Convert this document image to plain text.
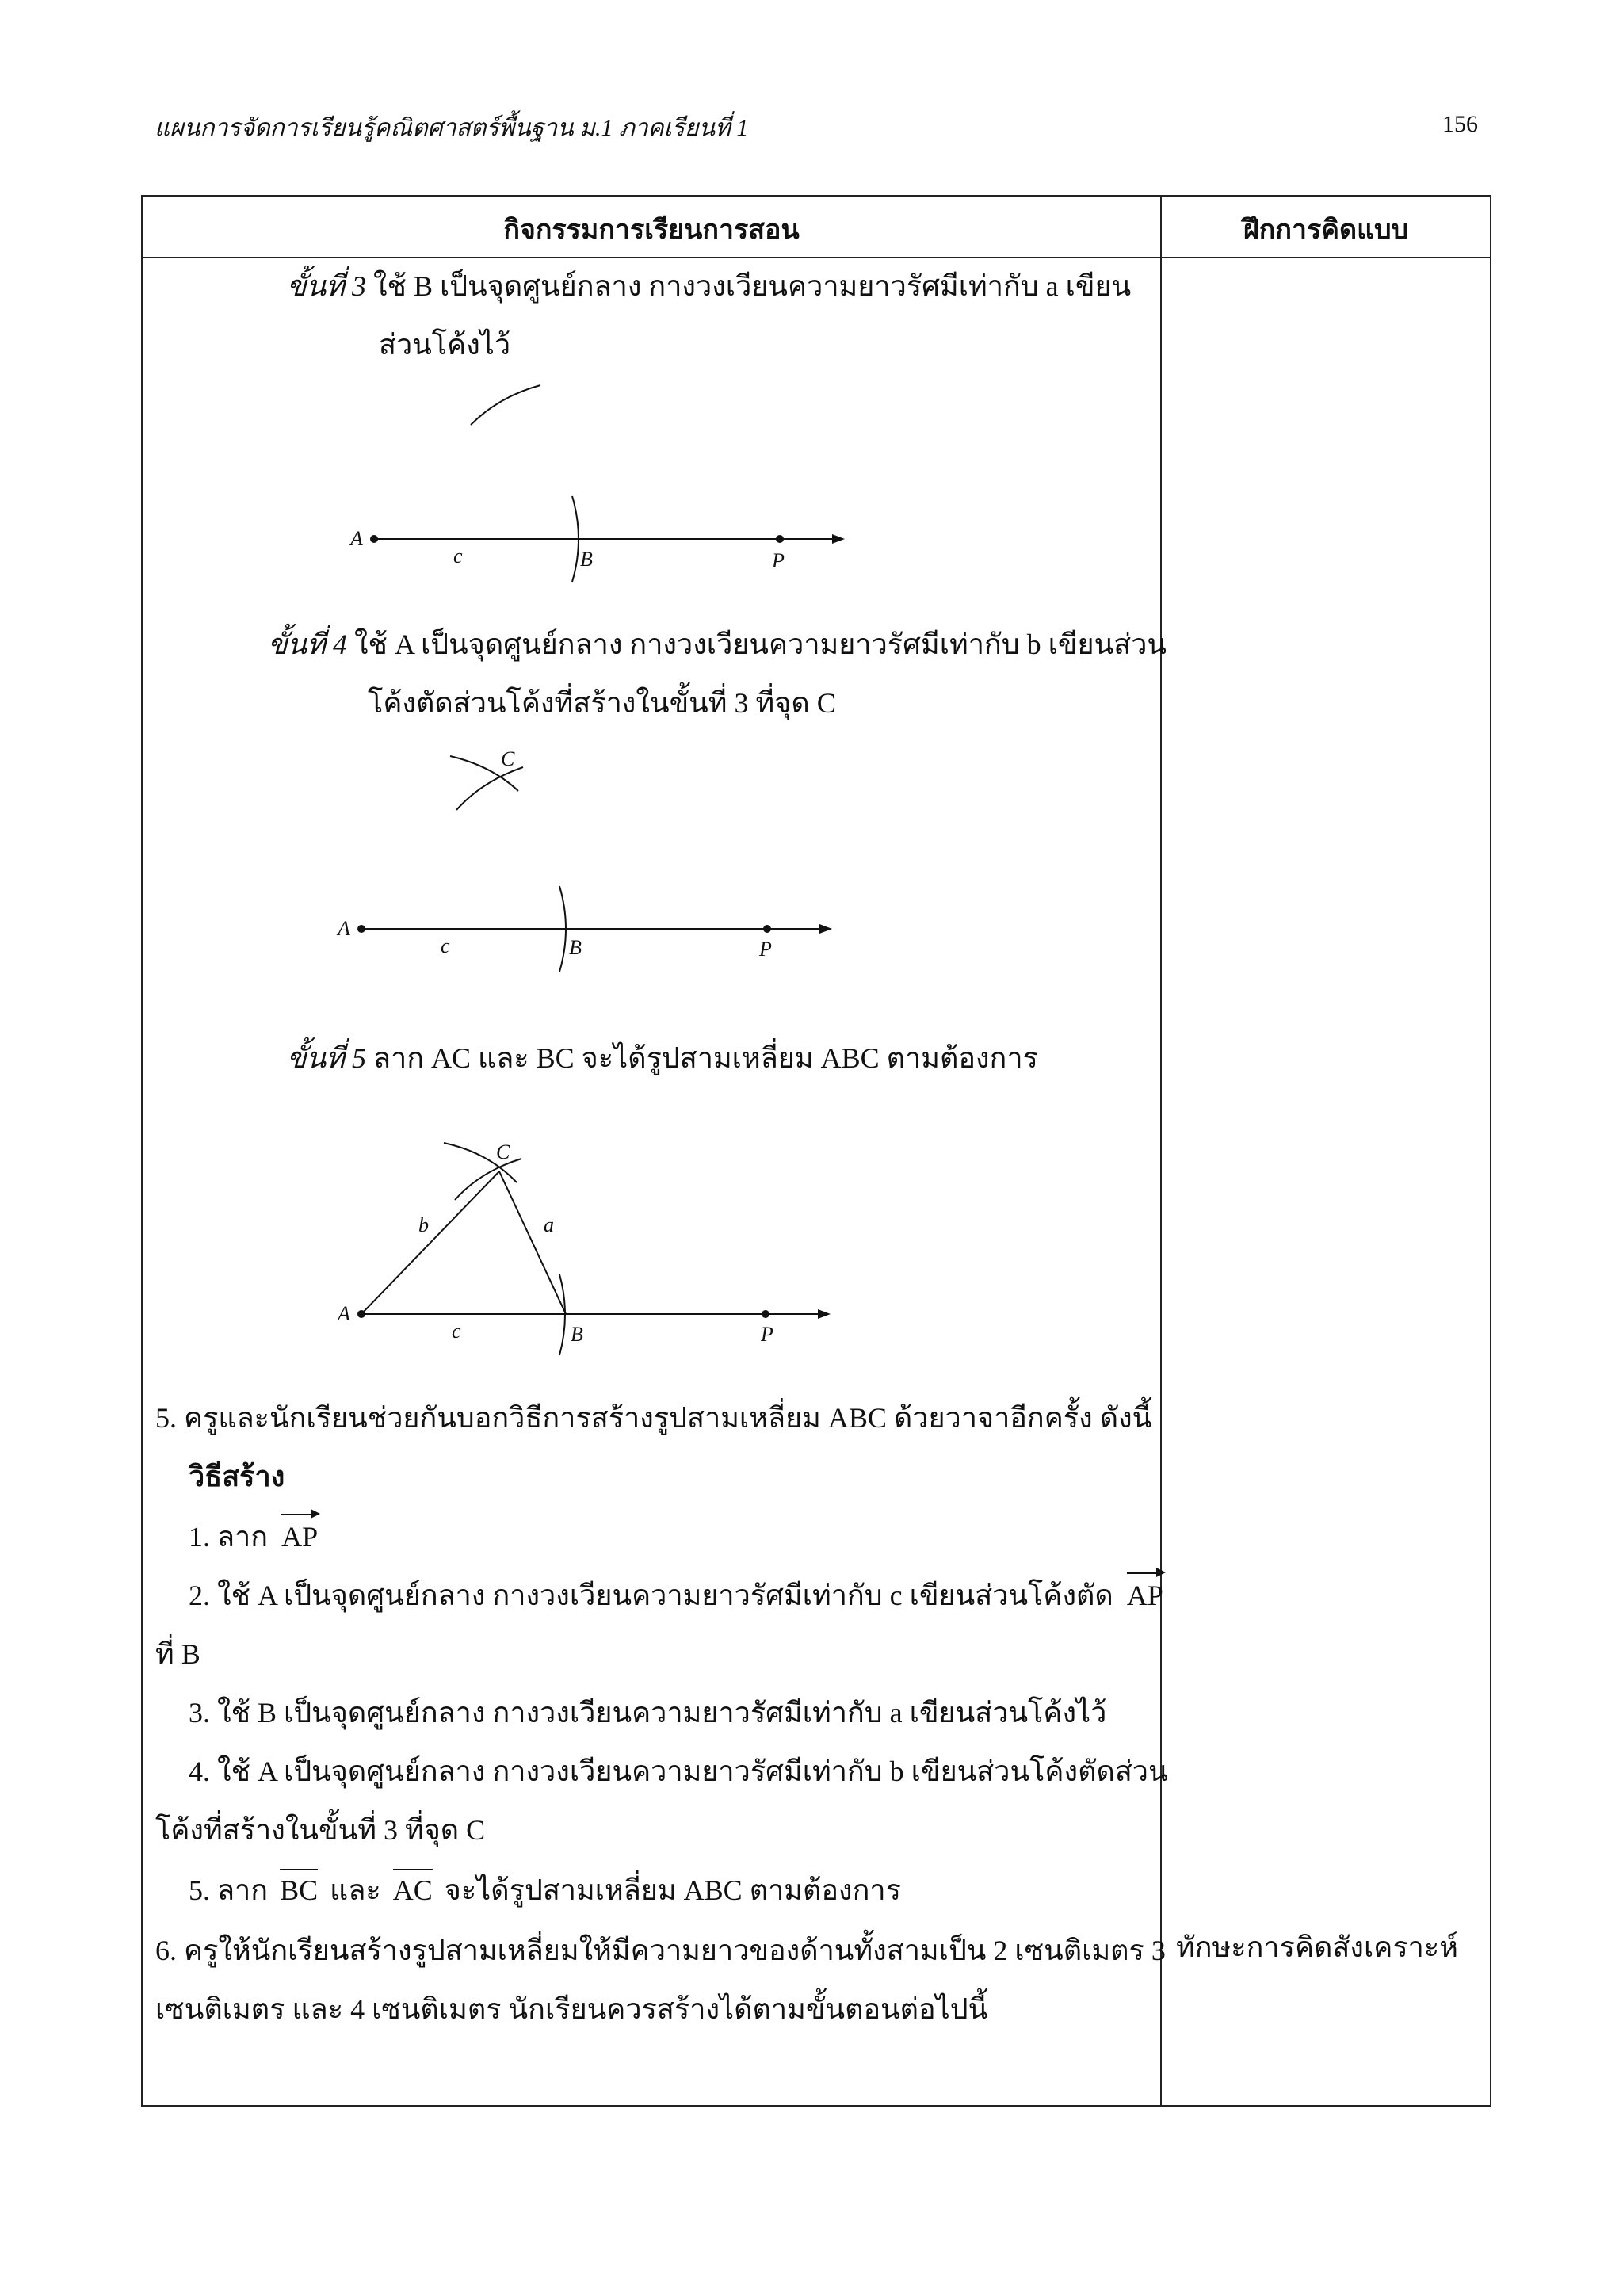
แผนการจัดการเรียนรู้คณิตศาสตร์พื้นฐาน ม.1 ภาคเรียนที่ 1	156
กิจกรรมการเรียนการสอน	ฝึกการคิดแบบ
ขั้นที่ 3 ใช้ B เป็นจุดศูนย์กลาง กางวงเวียนความยาวรัศมีเท่ากับ a เขียน
ส่วนโค้งไว้
A
c	B	P
ขั้นที่ 4 ใช้ A เป็นจุดศูนย์กลาง กางวงเวียนความยาวรัศมีเท่ากับ b เขียนส่วน
โค้งตัดส่วนโค้งที่สร้างในขั้นที่ 3 ที่จุด C
C
A
c	B	P
ขั้นที่ 5 ลาก AC และ BC จะได้รูปสามเหลี่ยม ABC ตามต้องการ
C
b	a
A
c	B	P
5. ครูและนักเรียนช่วยกันบอกวิธีการสร้างรูปสามเหลี่ยม ABC ด้วยวาจาอีกครั้ง ดังนี้
วิธีสร้าง
1. ลาก AP
2. ใช้ A เป็นจุดศูนย์กลาง กางวงเวียนความยาวรัศมีเท่ากับ c เขียนส่วนโค้งตัด AP
ที่ B
3. ใช้ B เป็นจุดศูนย์กลาง กางวงเวียนความยาวรัศมีเท่ากับ a เขียนส่วนโค้งไว้
4. ใช้ A เป็นจุดศูนย์กลาง กางวงเวียนความยาวรัศมีเท่ากับ b เขียนส่วนโค้งตัดส่วน
โค้งที่สร้างในขั้นที่ 3 ที่จุด C
5. ลาก BC และ AC จะได้รูปสามเหลี่ยม ABC ตามต้องการ
6. ครูให้นักเรียนสร้างรูปสามเหลี่ยมให้มีความยาวของด้านทั้งสามเป็น 2 เซนติเมตร 3
เซนติเมตร และ 4 เซนติเมตร นักเรียนควรสร้างได้ตามขั้นตอนต่อไปนี้
ทักษะการคิดสังเคราะห์
